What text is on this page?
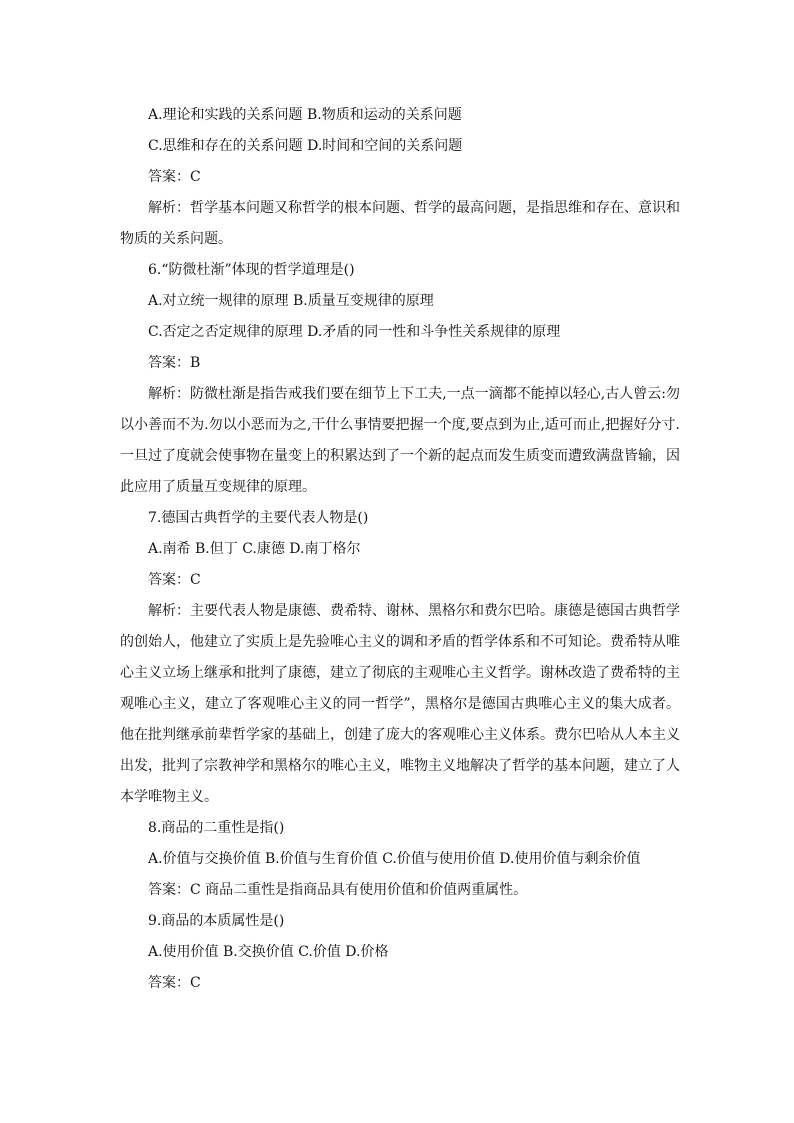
A.理论和实践的关系问题 B.物质和运动的关系问题

C.思维和存在的关系问题 D.时间和空间的关系问题

答案：C

解析：哲学基本问题又称哲学的根本问题、哲学的最高问题，是指思维和存在、意识和物质的关系问题。

6.“防微杜渐”体现的哲学道理是()

A.对立统一规律的原理 B.质量互变规律的原理

C.否定之否定规律的原理 D.矛盾的同一性和斗争性关系规律的原理

答案：B

解析：防微杜渐是指告戒我们要在细节上下工夫,一点一滴都不能掉以轻心,古人曾云:勿以小善而不为.勿以小恶而为之,干什么事情要把握一个度,要点到为止,适可而止,把握好分寸.一旦过了度就会使事物在量变上的积累达到了一个新的起点而发生质变而遭致满盘皆输，因此应用了质量互变规律的原理。

7.德国古典哲学的主要代表人物是()

A.南希 B.但丁 C.康德 D.南丁格尔

答案：C

解析：主要代表人物是康德、费希特、谢林、黑格尔和费尔巴哈。康德是德国古典哲学的创始人，他建立了实质上是先验唯心主义的调和矛盾的哲学体系和不可知论。费希特从唯心主义立场上继承和批判了康德，建立了彻底的主观唯心主义哲学。谢林改造了费希特的主观唯心主义，建立了客观唯心主义的同一哲学”，黑格尔是德国古典唯心主义的集大成者。他在批判继承前辈哲学家的基础上，创建了庞大的客观唯心主义体系。费尔巴哈从人本主义出发，批判了宗教神学和黑格尔的唯心主义，唯物主义地解决了哲学的基本问题，建立了人本学唯物主义。

8.商品的二重性是指()

A.价值与交换价值 B.价值与生育价值 C.价值与使用价值 D.使用价值与剩余价值

答案：C 商品二重性是指商品具有使用价值和价值两重属性。

9.商品的本质属性是()

A.使用价值 B.交换价值 C.价值 D.价格

答案：C
